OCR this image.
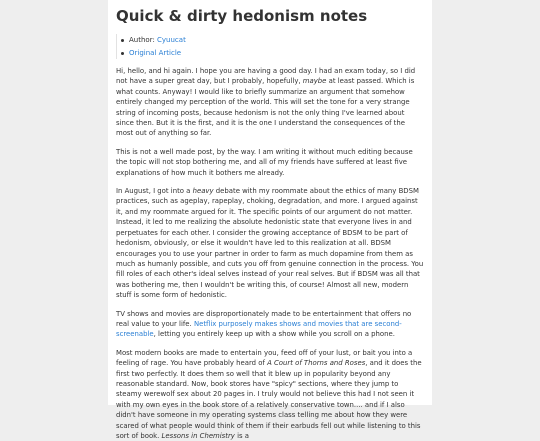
Quick & dirty hedonism notes
Author: Cyuucat
Original Article

Hi, hello, and hi again. I hope you are having a good day. I had an exam today, so I did not have a super great day, but I probably, hopefully, maybe at least passed. Which is what counts. Anyway! I would like to briefly summarize an argument that somehow entirely changed my perception of the world. This will set the tone for a very strange string of incoming posts, because hedonism is not the only thing I've learned about since then. But it is the first, and it is the one I understand the consequences of the most out of anything so far.

This is not a well made post, by the way. I am writing it without much editing because the topic will not stop bothering me, and all of my friends have suffered at least five explanations of how much it bothers me already.

In August, I got into a heavy debate with my roommate about the ethics of many BDSM practices, such as ageplay, rapeplay, choking, degradation, and more. I argued against it, and my roommate argued for it. The specific points of our argument do not matter. Instead, it led to me realizing the absolute hedonistic state that everyone lives in and perpetuates for each other. I consider the growing acceptance of BDSM to be part of hedonism, obviously, or else it wouldn't have led to this realization at all. BDSM encourages you to use your partner in order to farm as much dopamine from them as much as humanly possible, and cuts you off from genuine connection in the process. You fill roles of each other's ideal selves instead of your real selves. But if BDSM was all that was bothering me, then I wouldn't be writing this, of course! Almost all new, modern stuff is some form of hedonistic.

TV shows and movies are disproportionately made to be entertainment that offers no real value to your life. Netflix purposely makes shows and movies that are second-screenable, letting you entirely keep up with a show while you scroll on a phone.

Most modern books are made to entertain you, feed off of your lust, or bait you into a feeling of rage. You have probably heard of A Court of Thorns and Roses, and it does the first two perfectly. It does them so well that it blew up in popularity beyond any reasonable standard. Now, book stores have "spicy" sections, where they jump to steamy werewolf sex about 20 pages in. I truly would not believe this had I not seen it with my own eyes in the book store of a relatively conservative town.... and if I also didn't have someone in my operating systems class telling me about how they were scared of what people would think of them if their earbuds fell out while listening to this sort of book. Lessons in Chemistry is a
